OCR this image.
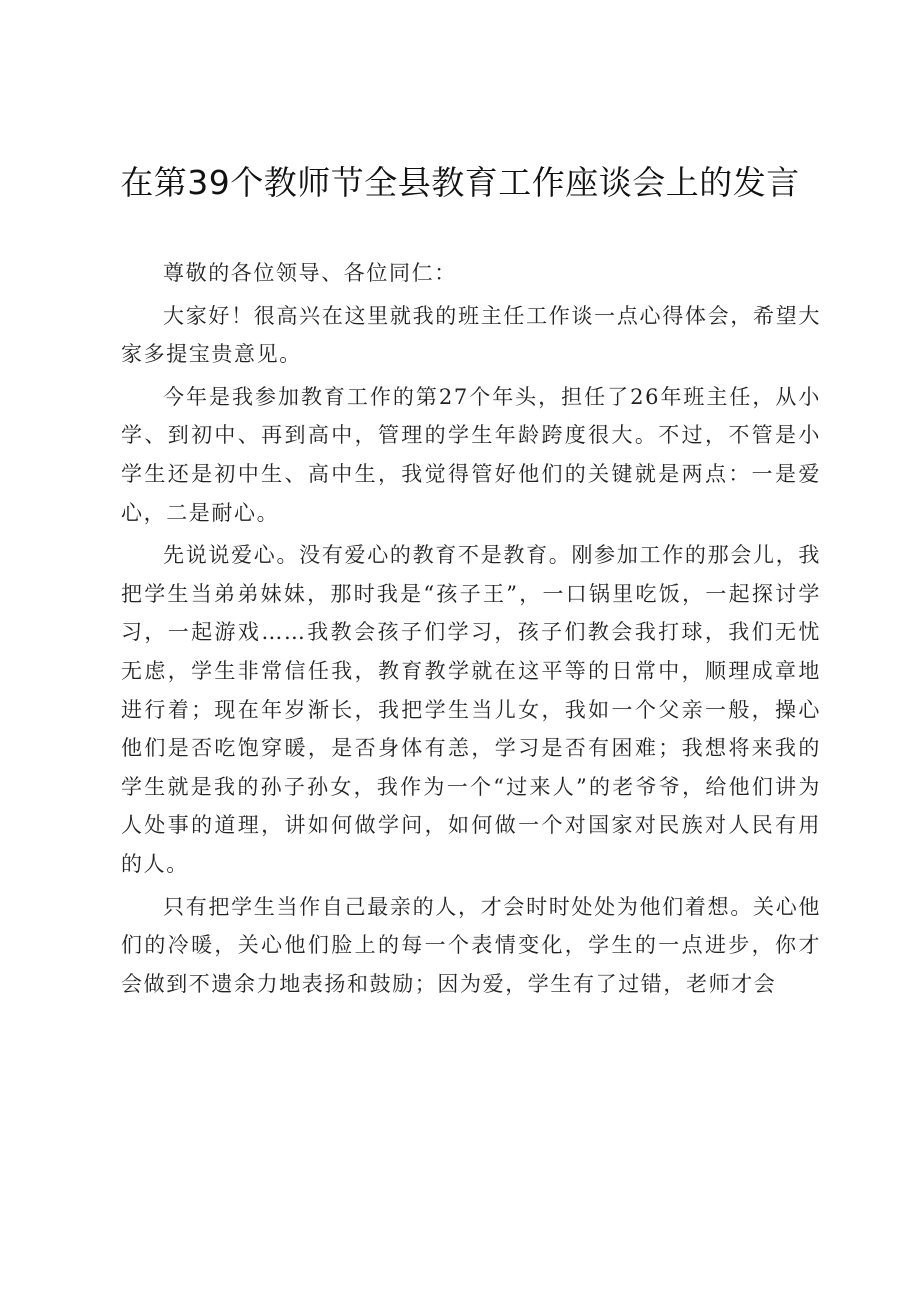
在第39个教师节全县教育工作座谈会上的发言

尊敬的各位领导、各位同仁：

大家好！很高兴在这里就我的班主任工作谈一点心得体会，希望大家多提宝贵意见。

今年是我参加教育工作的第27个年头，担任了26年班主任，从小学、到初中、再到高中，管理的学生年龄跨度很大。不过，不管是小学生还是初中生、高中生，我觉得管好他们的关键就是两点：一是爱心，二是耐心。

先说说爱心。没有爱心的教育不是教育。刚参加工作的那会儿，我把学生当弟弟妹妹，那时我是“孩子王”，一口锅里吃饭，一起探讨学习，一起游戏……我教会孩子们学习，孩子们教会我打球，我们无忧无虑，学生非常信任我，教育教学就在这平等的日常中，顺理成章地进行着；现在年岁渐长，我把学生当儿女，我如一个父亲一般，操心他们是否吃饱穿暖，是否身体有恙，学习是否有困难；我想将来我的学生就是我的孙子孙女，我作为一个“过来人”的老爷爷，给他们讲为人处事的道理，讲如何做学问，如何做一个对国家对民族对人民有用的人。

只有把学生当作自己最亲的人，才会时时处处为他们着想。关心他们的冷暖，关心他们脸上的每一个表情变化，学生的一点进步，你才会做到不遗余力地表扬和鼓励；因为爱，学生有了过错，老师才会
